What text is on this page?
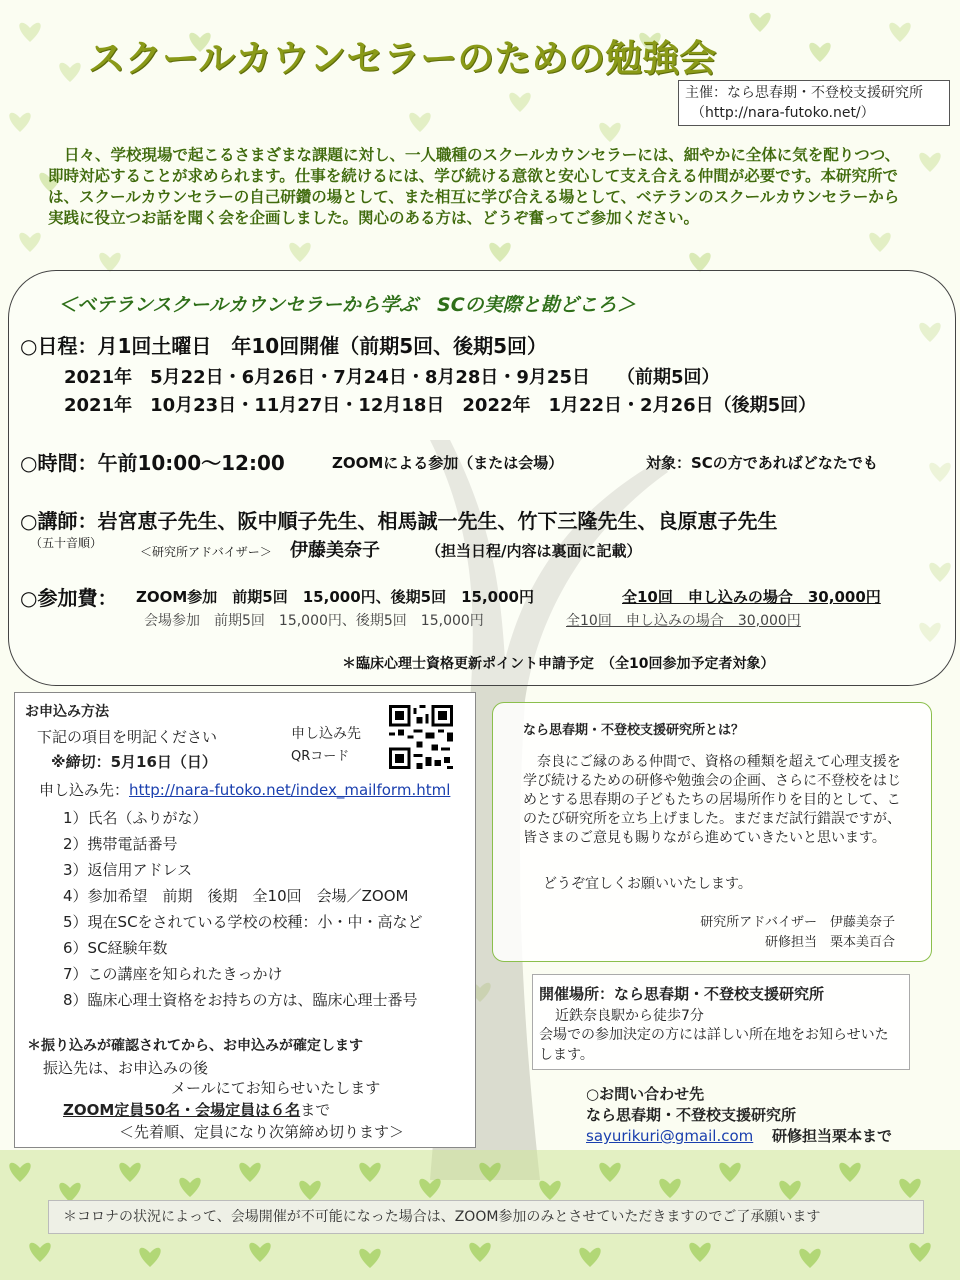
スクールカウンセラーのための勉強会
主催：なら思春期・不登校支援研究所
（http://nara-futoko.net/）
日々、学校現場で起こるさまざまな課題に対し、一人職種のスクールカウンセラーには、細やかに全体に気を配りつつ、即時対応することが求められます。仕事を続けるには、学び続ける意欲と安心して支え合える仲間が必要です。本研究所では、スクールカウンセラーの自己研鑽の場として、また相互に学び合える場として、ベテランのスクールカウンセラーから実践に役立つお話を聞く会を企画しました。関心のある方は、どうぞ奮ってご参加ください。
＜ベテランスクールカウンセラーから学ぶ　SCの実際と勘どころ＞
○日程：月1回土曜日　年10回開催（前期5回、後期5回）
2021年　5月22日・6月26日・7月24日・8月28日・9月25日　　（前期5回）
2021年　10月23日・11月27日・12月18日　2022年　1月22日・2月26日（後期5回）
○時間：午前10:00～12:00	ZOOMによる参加（または会場）	対象：SCの方であればどなたでも
○講師：岩宮恵子先生、阪中順子先生、相馬誠一先生、竹下三隆先生、良原恵子先生
（五十音順）
＜研究所アドバイザー＞ 伊藤美奈子	（担当日程/内容は裏面に記載）
○参加費： ZOOM参加　前期5回　15,000円、後期5回　15,000円	全10回　申し込みの場合　30,000円
会場参加　前期5回　15,000円、後期5回　15,000円	全10回　申し込みの場合　30,000円
＊臨床心理士資格更新ポイント申請予定　（全10回参加予定者対象）
お申込み方法
下記の項目を明記ください
※締切：5月16日（日）
申し込み先
QRコード
申し込み先：http://nara-futoko.net/index_mailform.html
1）氏名（ふりがな）
2）携帯電話番号
3）返信用アドレス
4）参加希望　前期　後期　全10回　会場／ZOOM
5）現在SCをされている学校の校種：小・中・高など
6）SC経験年数
7）この講座を知られたきっかけ
8）臨床心理士資格をお持ちの方は、臨床心理士番号
＊振り込みが確認されてから、お申込みが確定します
振込先は、お申込みの後
メールにてお知らせいたします
ZOOM定員50名・会場定員は６名まで
＜先着順、定員になり次第締め切ります＞
なら思春期・不登校支援研究所とは？
奈良にご縁のある仲間で、資格の種類を超えて心理支援を学び続けるための研修や勉強会の企画、さらに不登校をはじめとする思春期の子どもたちの居場所作りを目的として、このたび研究所を立ち上げました。まだまだ試行錯誤ですが、皆さまのご意見も賜りながら進めていきたいと思います。
どうぞ宜しくお願いいたします。
研究所アドバイザー　伊藤美奈子
研修担当　栗本美百合
開催場所：なら思春期・不登校支援研究所
近鉄奈良駅から徒歩7分
会場での参加決定の方には詳しい所在地をお知らせいたします。
○お問い合わせ先
なら思春期・不登校支援研究所
sayurikuri@gmail.com 研修担当栗本まで
＊コロナの状況によって、会場開催が不可能になった場合は、ZOOM参加のみとさせていただきますのでご了承願います
